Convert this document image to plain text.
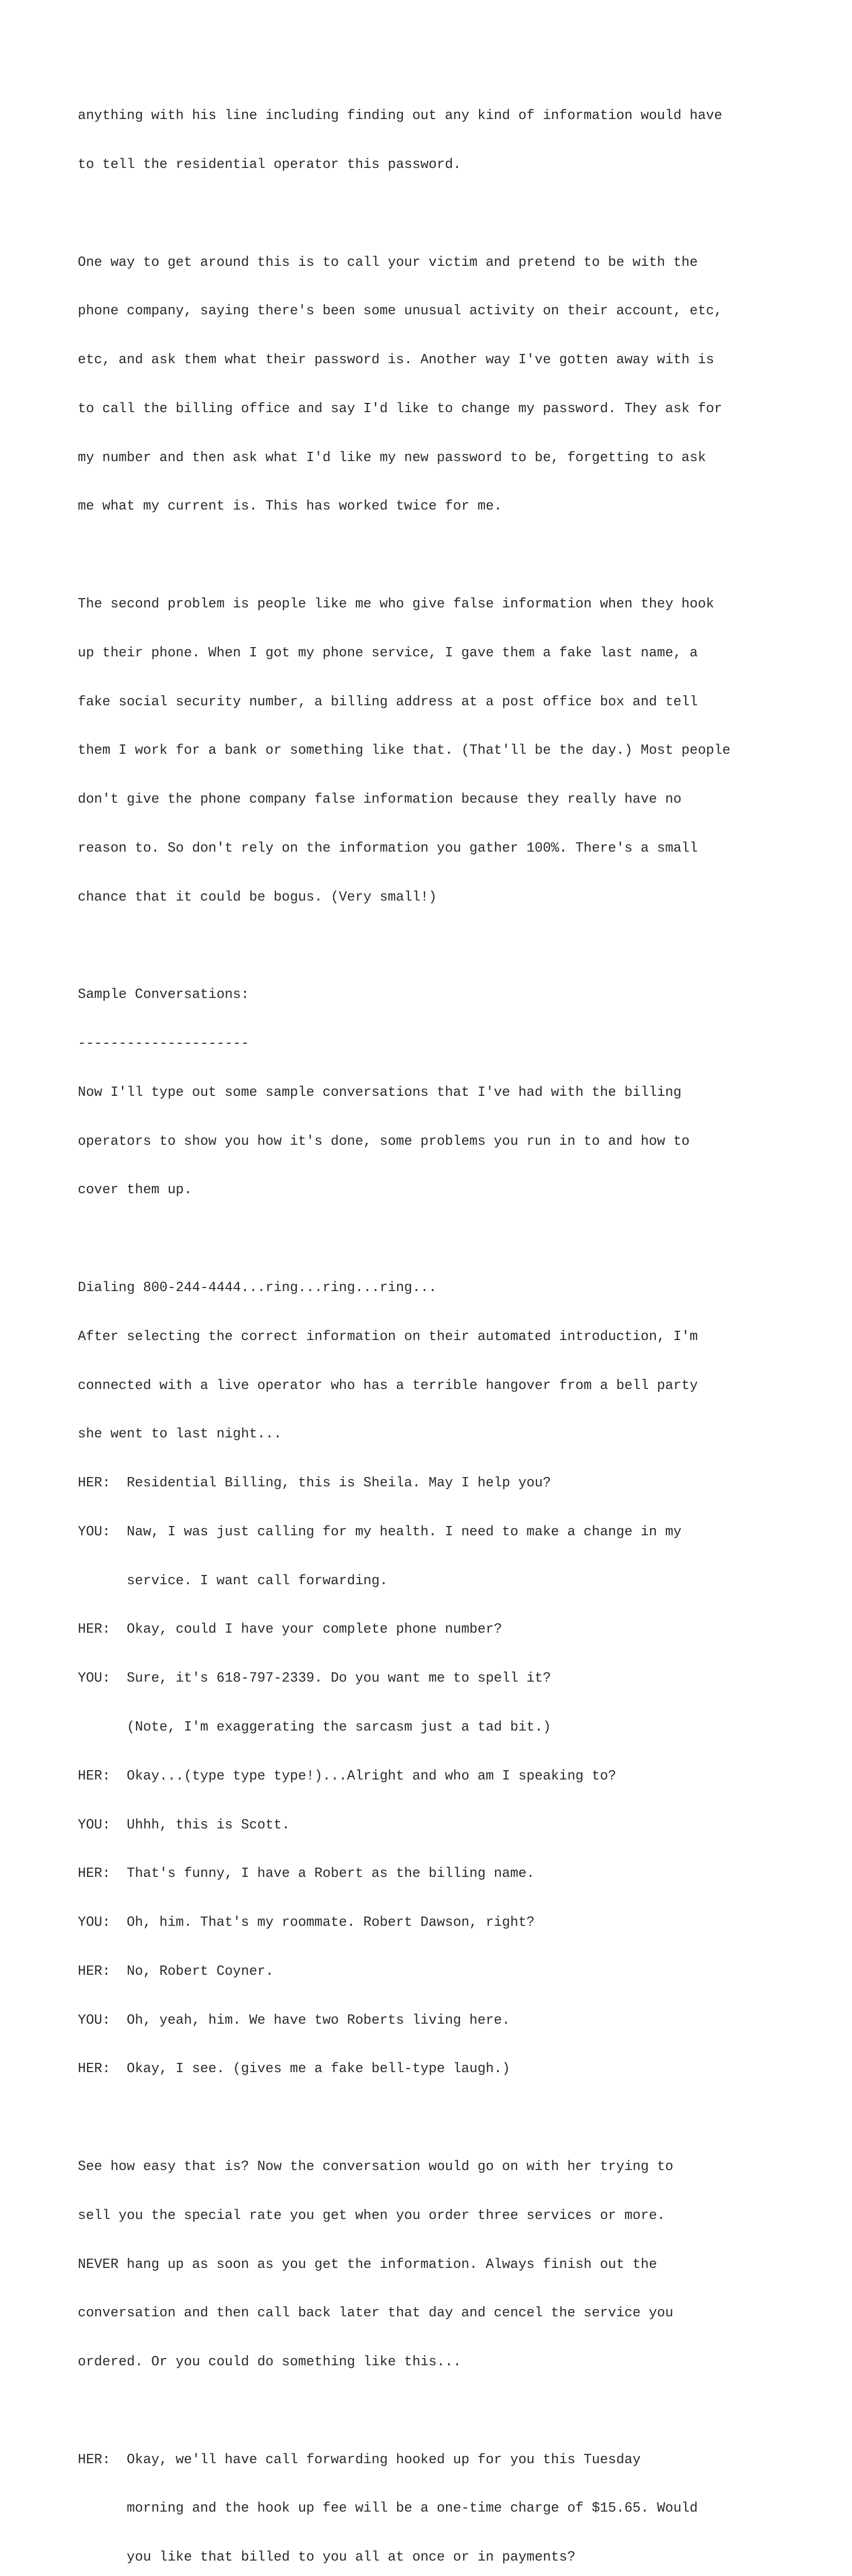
anything with his line including finding out any kind of information would have

to tell the residential operator this password.

One way to get around this is to call your victim and pretend to be with the

phone company, saying there's been some unusual activity on their account, etc,

etc, and ask them what their password is. Another way I've gotten away with is

to call the billing office and say I'd like to change my password. They ask for

my number and then ask what I'd like my new password to be, forgetting to ask

me what my current is. This has worked twice for me.

The second problem is people like me who give false information when they hook

up their phone. When I got my phone service, I gave them a fake last name, a

fake social security number, a billing address at a post office box and tell

them I work for a bank or something like that. (That'll be the day.) Most people

don't give the phone company false information because they really have no

reason to. So don't rely on the information you gather 100%. There's a small

chance that it could be bogus. (Very small!)

Sample Conversations:

---------------------

Now I'll type out some sample conversations that I've had with the billing

operators to show you how it's done, some problems you run in to and how to

cover them up.

Dialing 800-244-4444...ring...ring...ring...

After selecting the correct information on their automated introduction, I'm

connected with a live operator who has a terrible hangover from a bell party

she went to last night...

HER:  Residential Billing, this is Sheila. May I help you?

YOU:  Naw, I was just calling for my health. I need to make a change in my

service. I want call forwarding.

HER:  Okay, could I have your complete phone number?

YOU:  Sure, it's 618-797-2339. Do you want me to spell it?

(Note, I'm exaggerating the sarcasm just a tad bit.)

HER:  Okay...(type type type!)...Alright and who am I speaking to?

YOU:  Uhhh, this is Scott.

HER:  That's funny, I have a Robert as the billing name.

YOU:  Oh, him. That's my roommate. Robert Dawson, right?

HER:  No, Robert Coyner.

YOU:  Oh, yeah, him. We have two Roberts living here.

HER:  Okay, I see. (gives me a fake bell-type laugh.)

See how easy that is? Now the conversation would go on with her trying to

sell you the special rate you get when you order three services or more.

NEVER hang up as soon as you get the information. Always finish out the

conversation and then call back later that day and cencel the service you

ordered. Or you could do something like this...

HER:  Okay, we'll have call forwarding hooked up for you this Tuesday

morning and the hook up fee will be a one-time charge of $15.65. Would

you like that billed to you all at once or in payments?
